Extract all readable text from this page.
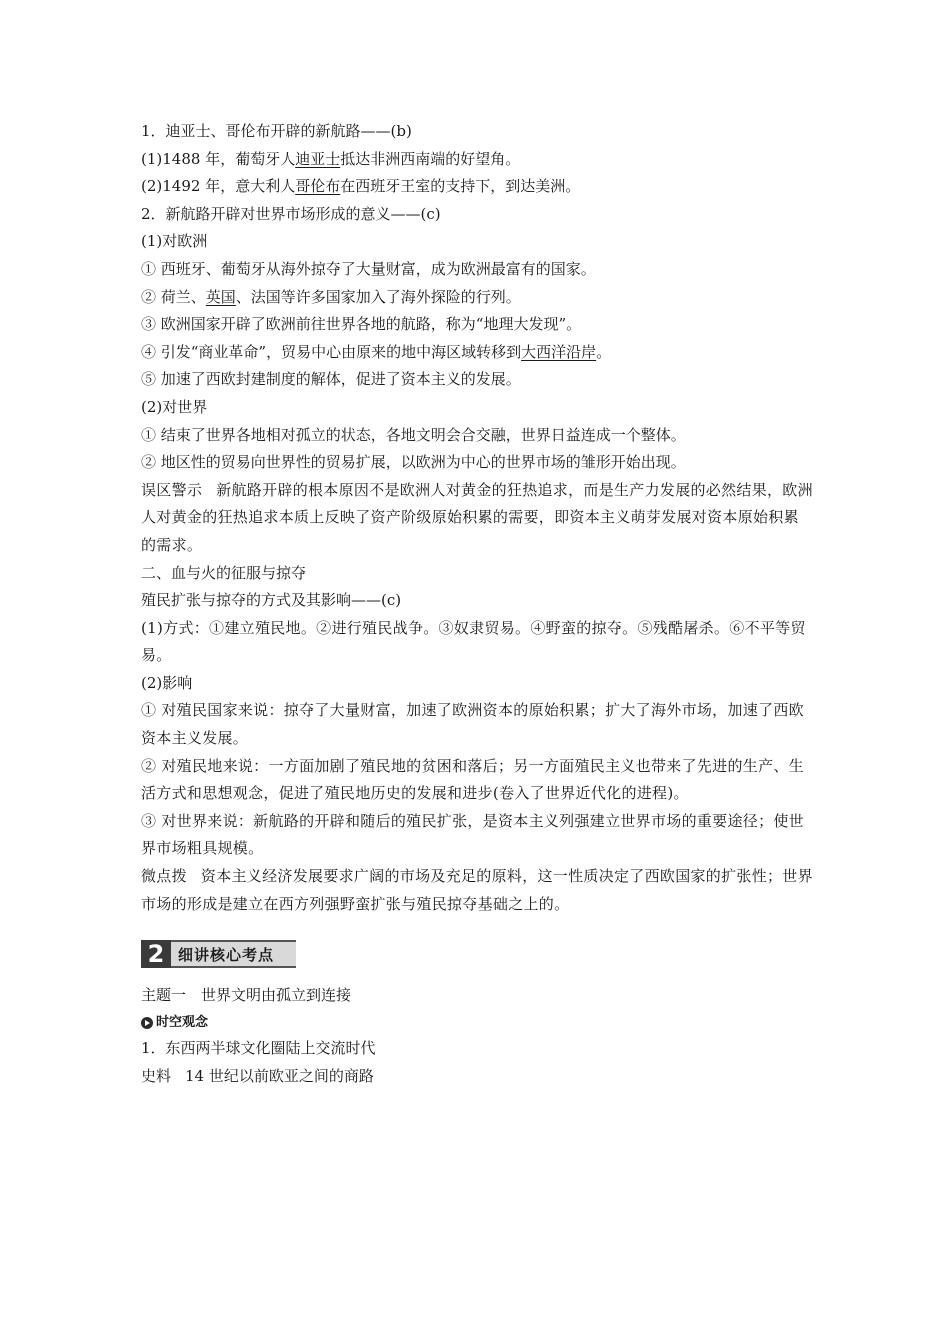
1．迪亚士、哥伦布开辟的新航路——(b)
(1)1488 年，葡萄牙人迪亚士抵达非洲西南端的好望角。
(2)1492 年，意大利人哥伦布在西班牙王室的支持下，到达美洲。
2．新航路开辟对世界市场形成的意义——(c)
(1)对欧洲
① 西班牙、葡萄牙从海外掠夺了大量财富，成为欧洲最富有的国家。
② 荷兰、英国、法国等许多国家加入了海外探险的行列。
③ 欧洲国家开辟了欧洲前往世界各地的航路，称为“地理大发现”。
④ 引发“商业革命”，贸易中心由原来的地中海区域转移到大西洋沿岸。
⑤ 加速了西欧封建制度的解体，促进了资本主义的发展。
(2)对世界
① 结束了世界各地相对孤立的状态，各地文明会合交融，世界日益连成一个整体。
② 地区性的贸易向世界性的贸易扩展，以欧洲为中心的世界市场的雏形开始出现。
误区警示 新航路开辟的根本原因不是欧洲人对黄金的狂热追求，而是生产力发展的必然结果，欧洲人对黄金的狂热追求本质上反映了资产阶级原始积累的需要，即资本主义萌芽发展对资本原始积累的需求。
二、血与火的征服与掠夺
殖民扩张与掠夺的方式及其影响——(c)
(1)方式：①建立殖民地。②进行殖民战争。③奴隶贸易。④野蛮的掠夺。⑤残酷屠杀。⑥不平等贸易。
(2)影响
① 对殖民国家来说：掠夺了大量财富，加速了欧洲资本的原始积累；扩大了海外市场，加速了西欧资本主义发展。
② 对殖民地来说：一方面加剧了殖民地的贫困和落后；另一方面殖民主义也带来了先进的生产、生活方式和思想观念，促进了殖民地历史的发展和进步(卷入了世界近代化的进程)。
③ 对世界来说：新航路的开辟和随后的殖民扩张，是资本主义列强建立世界市场的重要途径；使世界市场粗具规模。
微点拨 资本主义经济发展要求广阔的市场及充足的原料，这一性质决定了西欧国家的扩张性；世界市场的形成是建立在西方列强野蛮扩张与殖民掠夺基础之上的。
2 细讲核心考点
主题一　世界文明由孤立到连接
时空观念
1．东西两半球文化圈陆上交流时代
史料 14 世纪以前欧亚之间的商路
